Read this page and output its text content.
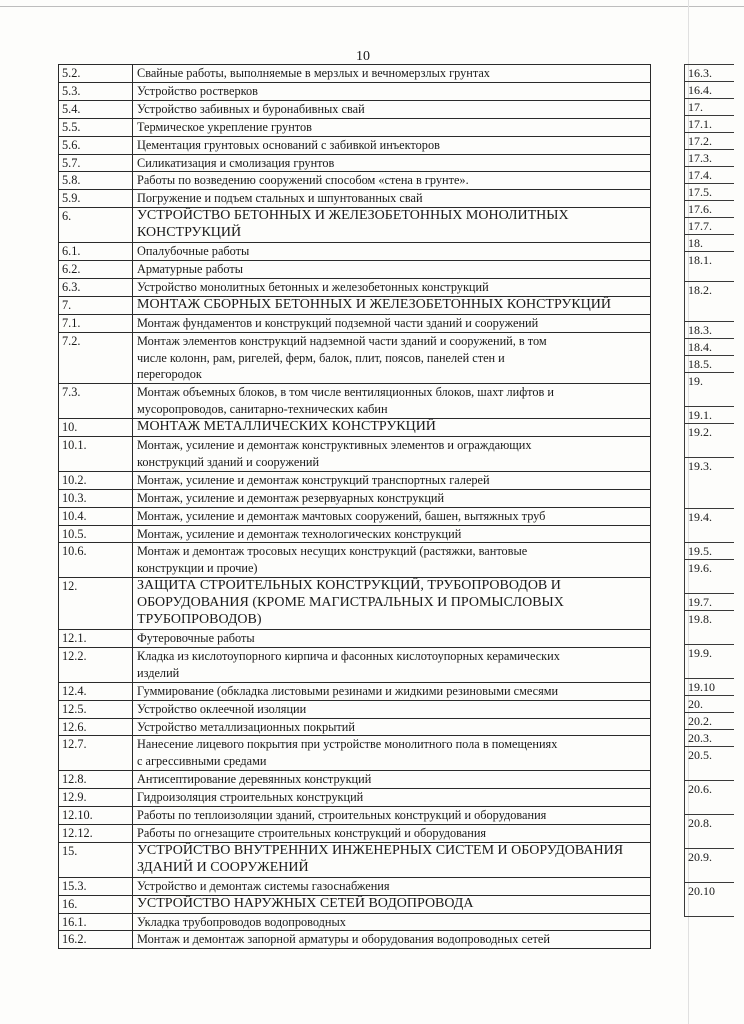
10
5.2.	Свайные работы, выполняемые в мерзлых и вечномерзлых грунтах

5.3.	Устройство ростверков

5.4.	Устройство забивных и буронабивных свай

5.5.	Термическое укрепление грунтов

5.6.	Цементация грунтовых оснований с забивкой инъекторов

5.7.	Силикатизация и смолизация грунтов

5.8.	Работы по возведению сооружений способом «стена в грунте».

5.9.	Погружение и подъем стальных и шпунтованных свай

6.	УСТРОЙСТВО БЕТОННЫХ И ЖЕЛЕЗОБЕТОННЫХ МОНОЛИТНЫХ
КОНСТРУКЦИЙ

6.1.	Опалубочные работы

6.2.	Арматурные работы

6.3.	Устройство монолитных бетонных и железобетонных конструкций

7.	МОНТАЖ СБОРНЫХ БЕТОННЫХ И ЖЕЛЕЗОБЕТОННЫХ КОНСТРУКЦИЙ

7.1.	Монтаж фундаментов и конструкций подземной части зданий и сооружений

7.2.	Монтаж элементов конструкций надземной части зданий и сооружений, в том
числе колонн, рам, ригелей, ферм, балок, плит, поясов, панелей стен и
перегородок

7.3.	Монтаж объемных блоков, в том числе вентиляционных блоков, шахт лифтов и
мусоропроводов, санитарно-технических кабин

10.	МОНТАЖ МЕТАЛЛИЧЕСКИХ КОНСТРУКЦИЙ

10.1.	Монтаж, усиление и демонтаж конструктивных элементов и ограждающих
конструкций зданий и сооружений

10.2.	Монтаж, усиление и демонтаж конструкций транспортных галерей

10.3.	Монтаж, усиление и демонтаж резервуарных конструкций

10.4.	Монтаж, усиление и демонтаж мачтовых сооружений, башен, вытяжных труб

10.5.	Монтаж, усиление и демонтаж технологических конструкций

10.6.	Монтаж и демонтаж тросовых несущих конструкций (растяжки, вантовые
конструкции и прочие)

12.	ЗАЩИТА СТРОИТЕЛЬНЫХ КОНСТРУКЦИЙ, ТРУБОПРОВОДОВ И
ОБОРУДОВАНИЯ (КРОМЕ МАГИСТРАЛЬНЫХ И ПРОМЫСЛОВЫХ
ТРУБОПРОВОДОВ)

12.1.	Футеровочные работы

12.2.	Кладка из кислотоупорного кирпича и фасонных кислотоупорных керамических
изделий

12.4.	Гуммирование (обкладка листовыми резинами и жидкими резиновыми смесями

12.5.	Устройство оклеечной изоляции

12.6.	Устройство металлизационных покрытий

12.7.	Нанесение лицевого покрытия при устройстве монолитного пола в помещениях
с агрессивными средами

12.8.	Антисептирование деревянных конструкций

12.9.	Гидроизоляция строительных конструкций

12.10.	Работы по теплоизоляции зданий, строительных конструкций и оборудования

12.12.	Работы по огнезащите строительных конструкций и оборудования

15.	УСТРОЙСТВО ВНУТРЕННИХ ИНЖЕНЕРНЫХ СИСТЕМ И ОБОРУДОВАНИЯ
ЗДАНИЙ И СООРУЖЕНИЙ

15.3.	Устройство и демонтаж системы газоснабжения

16.	УСТРОЙСТВО НАРУЖНЫХ СЕТЕЙ ВОДОПРОВОДА

16.1.	Укладка трубопроводов водопроводных

16.2.	Монтаж и демонтаж запорной арматуры и оборудования водопроводных сетей
16.3.
16.4.
17.
17.1.
17.2.
17.3.
17.4.
17.5.
17.6.
17.7.
18.
18.1.
18.2.
18.3.
18.4.
18.5.
19.
19.1.
19.2.
19.3.
19.4.
19.5.
19.6.
19.7.
19.8.
19.9.
19.10
20.
20.2.
20.3.
20.5.
20.6.
20.8.
20.9.
20.10
